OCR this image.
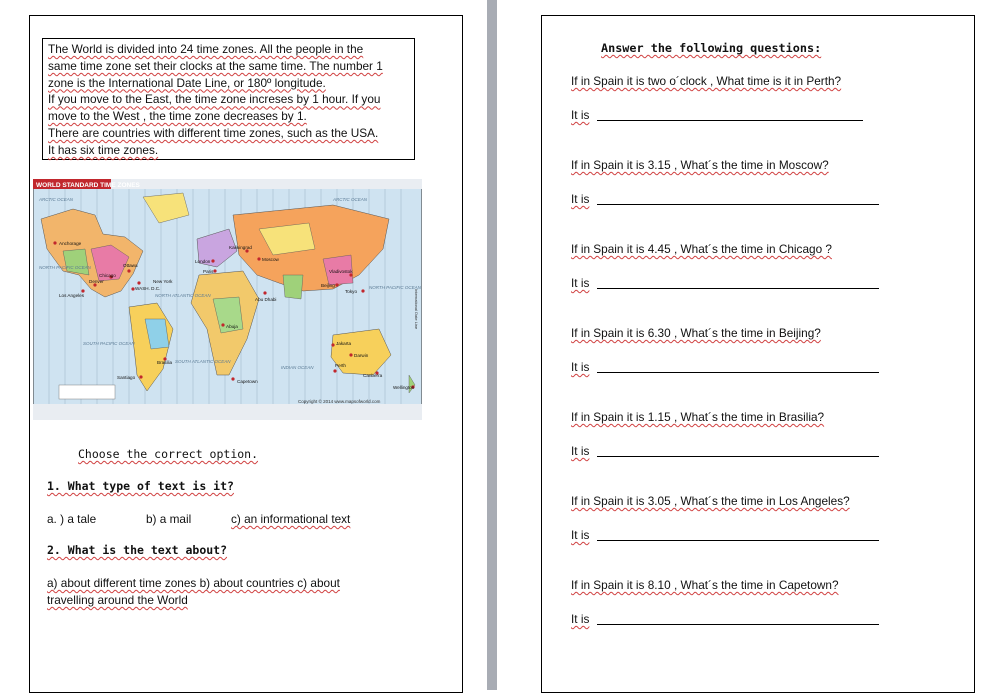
The World is divided into 24 time zones. All the people in the

same time zone set their clocks at the same time. The number 1

zone is the International Date Line, or 180º longitude.

If you move to the East, the time zone increses by 1 hour. If you

move to the West , the time zone decreases by 1.

There are countries with different time zones, such as the USA.

It has six time zones.

WORLD STANDARD TIME ZONES
ARCTIC OCEAN	ARCTIC OCEAN
NORTH PACIFIC OCEAN
NORTH ATLANTIC OCEAN
NORTH PACIFIC OCEAN
SOUTH PACIFIC OCEAN
SOUTH ATLANTIC OCEAN
INDIAN OCEAN
Anchorage
Chicago
Ottawa
New York
WASH. D.C.
Denver
Los Angeles
London
Paris
Kaliningrad
Moscow
Vladivostok
Beijing
Tokyo
Abuja
Abu Dhabi
Jakarta
Darwin
Perth
Canberra
Brasilia
Santiago
Capetown
Wellington
International Date Line
Copyright © 2014 www.mapsofworld.com
Choose the correct option.
1. What type of text is it?
a. ) a tale	b) a mail	c) an informational text
2. What is the text about?
a) about different time zones b) about countries c) about
travelling around the World
Answer the following questions:
If in Spain it is two o´clock , What time is it in Perth?
It is
If in Spain it is 3.15 , What´s the time in Moscow?
It is
If in Spain it is 4.45 , What´s the time in Chicago ?
It is
If in Spain it is 6.30 , What´s the time in Beijing?
It is
If in Spain it is 1.15 , What´s the time in Brasilia?
It is
If in Spain it is 3.05 , What´s the time in Los Angeles?
It is
If in Spain it is 8.10 , What´s the time in Capetown?
It is
